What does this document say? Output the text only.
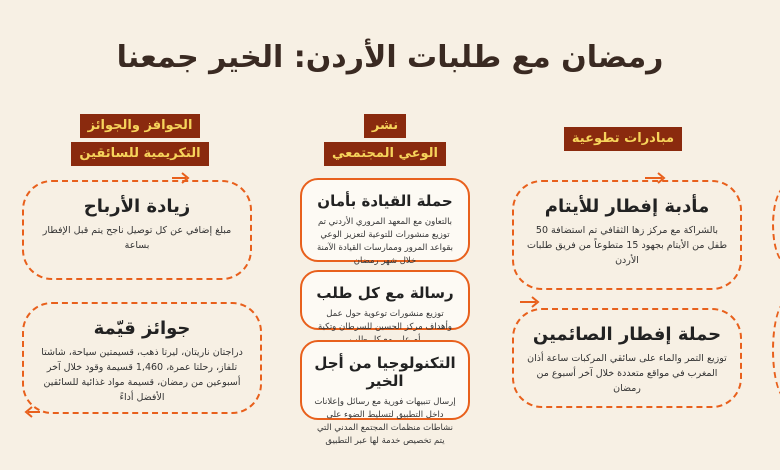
رمضان مع طلبات الأردن: الخير جمعنا
مبادرات تطوعية
نشر
الوعي المجتمعي
الحوافز والجوائز
التكريمية للسائقين
مأدبة إفطار للأيتام

بالشراكة مع مركز زها الثقافي تم استضافة 50 طفل من الأيتام بجهود 15 متطوعاً من فريق طلبات الأردن

حملة إفطار الصائمين

توزيع التمر والماء على سائقي المركبات ساعة أذان المغرب في مواقع متعددة خلال آخر أسبوع من رمضان

حملة القيادة بأمان

بالتعاون مع المعهد المروري الأردني تم توزيع منشورات للتوعية لتعزيز الوعي بقواعد المرور وممارسات القيادة الآمنة خلال شهر رمضان

رسالة مع كل طلب

توزيع منشورات توعوية حول عمل وأهداف مركز الحسين للسرطان وتكية

التكنولوجيا من أجل الخير

إرسال تنبيهات فورية مع رسائل وإعلانات داخل التطبيق لتسليط الضوء على نشاطات منظمات المجتمع المدني التي يتم تخصيص خدمة لها عبر التطبيق

زيادة الأرباح

مبلغ إضافي عن كل توصيل ناجح يتم قبل الإفطار بساعة

جوائز قيّمة

دراجتان ناريتان، ليرتا ذهب، قسيمتين سياحة، شاشتا تلفاز، رحلتا عمرة، 1,460 قسيمة وقود خلال آخر أسبوعين من رمضان، قسيمة مواد غذائية للسائقين الأفضل أداءً
